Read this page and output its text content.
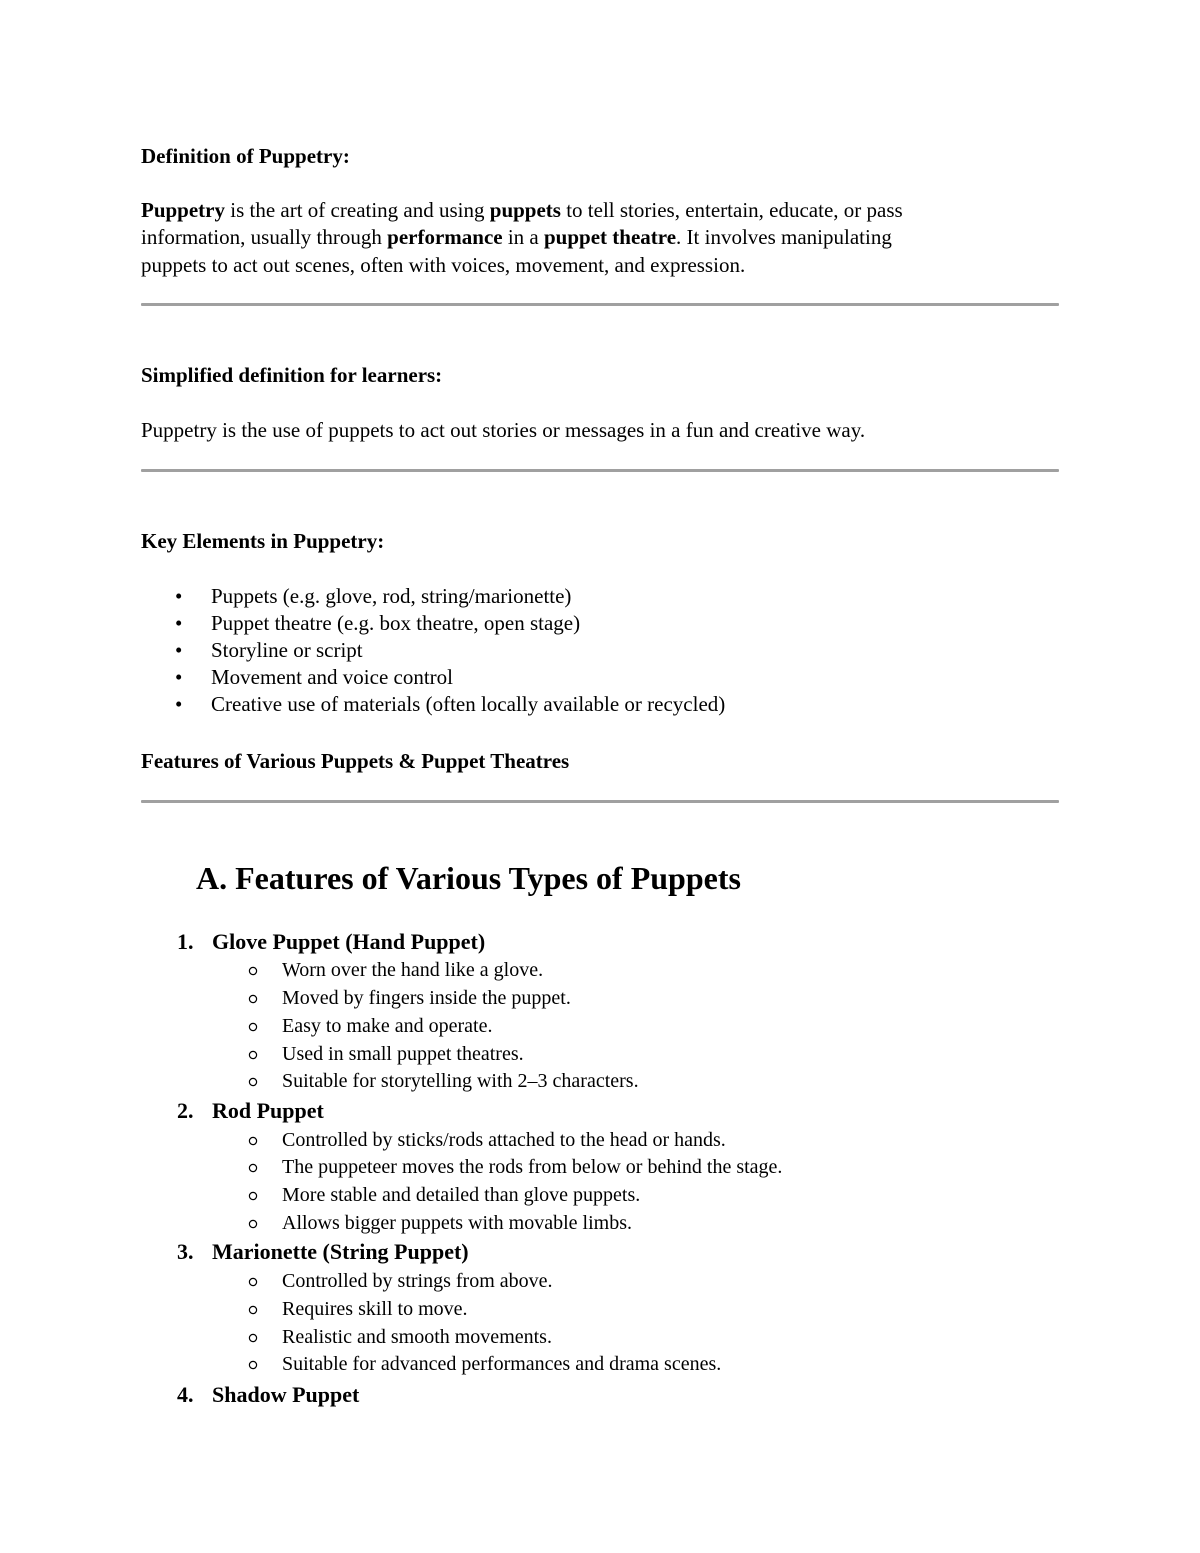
Definition of Puppetry:
Puppetry is the art of creating and using puppets to tell stories, entertain, educate, or pass
information, usually through performance in a puppet theatre. It involves manipulating
puppets to act out scenes, often with voices, movement, and expression.
Simplified definition for learners:
Puppetry is the use of puppets to act out stories or messages in a fun and creative way.
Key Elements in Puppetry:
• Puppets (e.g. glove, rod, string/marionette)
• Puppet theatre (e.g. box theatre, open stage)
• Storyline or script
• Movement and voice control
• Creative use of materials (often locally available or recycled)
Features of Various Puppets & Puppet Theatres
A. Features of Various Types of Puppets
1. Glove Puppet (Hand Puppet)
Worn over the hand like a glove.
Moved by fingers inside the puppet.
Easy to make and operate.
Used in small puppet theatres.
Suitable for storytelling with 2–3 characters.
2. Rod Puppet
Controlled by sticks/rods attached to the head or hands.
The puppeteer moves the rods from below or behind the stage.
More stable and detailed than glove puppets.
Allows bigger puppets with movable limbs.
3. Marionette (String Puppet)
Controlled by strings from above.
Requires skill to move.
Realistic and smooth movements.
Suitable for advanced performances and drama scenes.
4. Shadow Puppet
